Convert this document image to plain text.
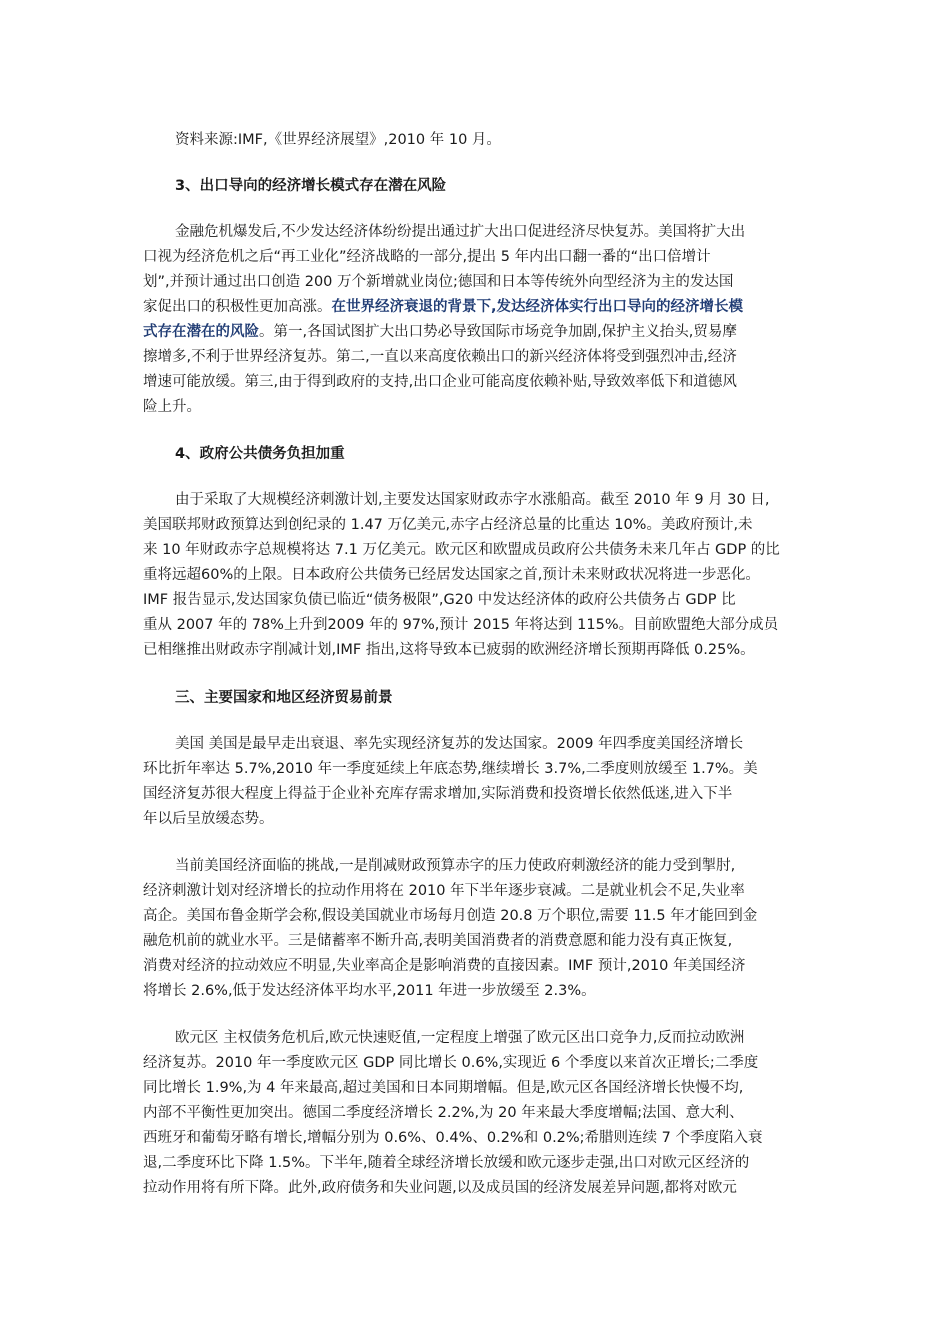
资料来源:IMF,《世界经济展望》,2010 年 10 月。
3、出口导向的经济增长模式存在潜在风险
金融危机爆发后,不少发达经济体纷纷提出通过扩大出口促进经济尽快复苏。美国将扩大出
口视为经济危机之后“再工业化”经济战略的一部分,提出 5 年内出口翻一番的“出口倍增计
划”,并预计通过出口创造 200 万个新增就业岗位;德国和日本等传统外向型经济为主的发达国
家促出口的积极性更加高涨。在世界经济衰退的背景下,发达经济体实行出口导向的经济增长模
式存在潜在的风险。第一,各国试图扩大出口势必导致国际市场竞争加剧,保护主义抬头,贸易摩
擦增多,不利于世界经济复苏。第二,一直以来高度依赖出口的新兴经济体将受到强烈冲击,经济
增速可能放缓。第三,由于得到政府的支持,出口企业可能高度依赖补贴,导致效率低下和道德风
险上升。
4、政府公共债务负担加重
由于采取了大规模经济刺激计划,主要发达国家财政赤字水涨船高。截至 2010 年 9 月 30 日,
美国联邦财政预算达到创纪录的 1.47 万亿美元,赤字占经济总量的比重达 10%。美政府预计,未
来 10 年财政赤字总规模将达 7.1 万亿美元。欧元区和欧盟成员政府公共债务未来几年占 GDP 的比
重将远超60%的上限。日本政府公共债务已经居发达国家之首,预计未来财政状况将进一步恶化。
IMF 报告显示,发达国家负债已临近“债务极限”,G20 中发达经济体的政府公共债务占 GDP 比
重从 2007 年的 78%上升到2009 年的 97%,预计 2015 年将达到 115%。目前欧盟绝大部分成员
已相继推出财政赤字削减计划,IMF 指出,这将导致本已疲弱的欧洲经济增长预期再降低 0.25%。
三、主要国家和地区经济贸易前景
美国 美国是最早走出衰退、率先实现经济复苏的发达国家。2009 年四季度美国经济增长
环比折年率达 5.7%,2010 年一季度延续上年底态势,继续增长 3.7%,二季度则放缓至 1.7%。美
国经济复苏很大程度上得益于企业补充库存需求增加,实际消费和投资增长依然低迷,进入下半
年以后呈放缓态势。
当前美国经济面临的挑战,一是削减财政预算赤字的压力使政府刺激经济的能力受到掣肘,
经济刺激计划对经济增长的拉动作用将在 2010 年下半年逐步衰减。二是就业机会不足,失业率
高企。美国布鲁金斯学会称,假设美国就业市场每月创造 20.8 万个职位,需要 11.5 年才能回到金
融危机前的就业水平。三是储蓄率不断升高,表明美国消费者的消费意愿和能力没有真正恢复,
消费对经济的拉动效应不明显,失业率高企是影响消费的直接因素。IMF 预计,2010 年美国经济
将增长 2.6%,低于发达经济体平均水平,2011 年进一步放缓至 2.3%。
欧元区 主权债务危机后,欧元快速贬值,一定程度上增强了欧元区出口竞争力,反而拉动欧洲
经济复苏。2010 年一季度欧元区 GDP 同比增长 0.6%,实现近 6 个季度以来首次正增长;二季度
同比增长 1.9%,为 4 年来最高,超过美国和日本同期增幅。但是,欧元区各国经济增长快慢不均,
内部不平衡性更加突出。德国二季度经济增长 2.2%,为 20 年来最大季度增幅;法国、意大利、
西班牙和葡萄牙略有增长,增幅分别为 0.6%、0.4%、0.2%和 0.2%;希腊则连续 7 个季度陷入衰
退,二季度环比下降 1.5%。下半年,随着全球经济增长放缓和欧元逐步走强,出口对欧元区经济的
拉动作用将有所下降。此外,政府债务和失业问题,以及成员国的经济发展差异问题,都将对欧元
